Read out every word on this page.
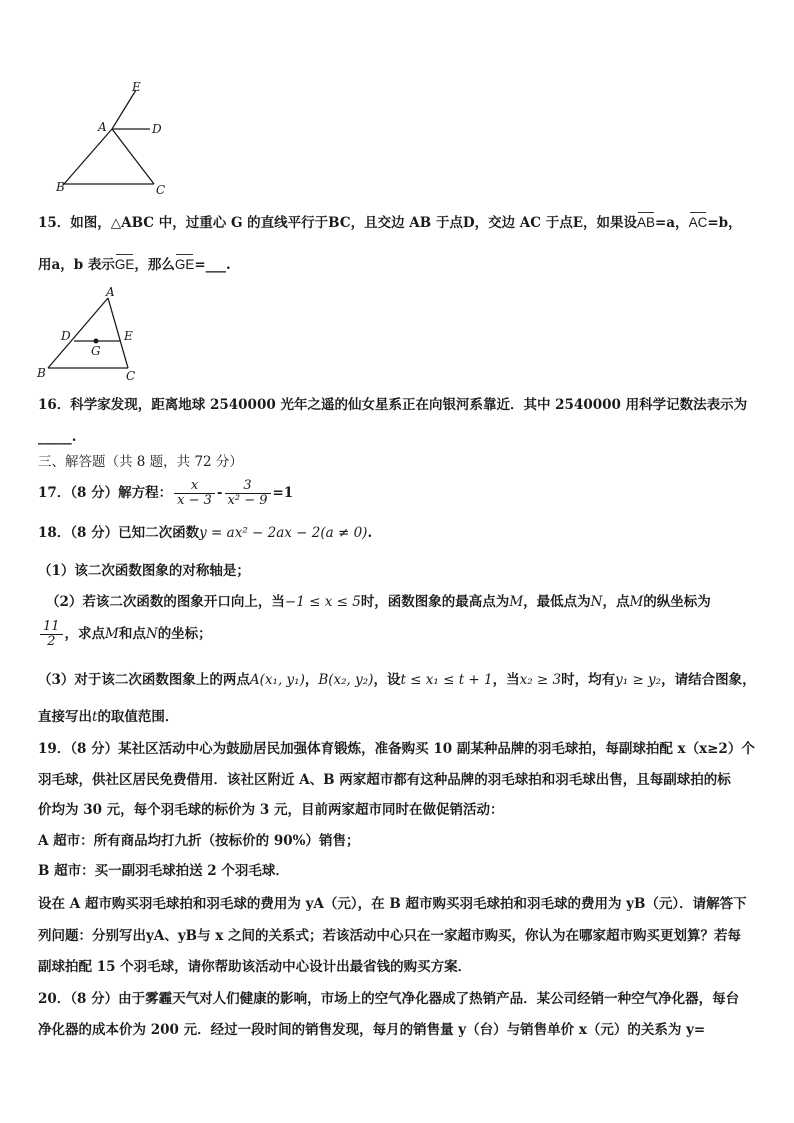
E
A	D
B	C
15．如图，△ABC 中，过重心 G 的直线平行于BC，且交边 AB 于点D，交边 AC 于点E，如果设AB=a，AC=b，
用a，b 表示GE，那么GE=___.
A
D	E
G
B	C
16．科学家发现，距离地球 2540000 光年之遥的仙女星系正在向银河系靠近．其中 2540000 用科学记数法表示为
_____.
三、解答题（共 8 题，共 72 分）
17．（8 分）解方程： $\frac{x}{x - 3} - \frac{3}{\text{x² − 9}} =1$
18．（8 分）已知二次函数y = ax² − 2ax − 2(a ≠ 0).
（1）该二次函数图象的对称轴是；
（2）若该二次函数的图象开口向上，当−1 ≤ x ≤ 5时，函数图象的最高点为M，最低点为N，点M的纵坐标为
$\frac{11}{2}$ ，求点M和点N的坐标；
（3）对于该二次函数图象上的两点A(x₁, y₁)，B(x₂, y₂)，设t ≤ x₁ ≤ t + 1，当x₂ ≥ 3时，均有y₁ ≥ y₂，请结合图象，
直接写出t的取值范围．
19．（8 分）某社区活动中心为鼓励居民加强体育锻炼，准备购买 10 副某种品牌的羽毛球拍，每副球拍配 x（x≥2）个
羽毛球，供社区居民免费借用．该社区附近 A、B 两家超市都有这种品牌的羽毛球拍和羽毛球出售，且每副球拍的标
价均为 30 元，每个羽毛球的标价为 3 元，目前两家超市同时在做促销活动：
A 超市：所有商品均打九折（按标价的 90%）销售；
B 超市：买一副羽毛球拍送 2 个羽毛球．
设在 A 超市购买羽毛球拍和羽毛球的费用为 yA（元），在 B 超市购买羽毛球拍和羽毛球的费用为 yB（元）．请解答下
列问题：分别写出yA、yB与 x 之间的关系式；若该活动中心只在一家超市购买，你认为在哪家超市购买更划算？若每
副球拍配 15 个羽毛球，请你帮助该活动中心设计出最省钱的购买方案．
20．（8 分）由于雾霾天气对人们健康的影响，市场上的空气净化器成了热销产品．某公司经销一种空气净化器，每台
净化器的成本价为 200 元．经过一段时间的销售发现，每月的销售量 y（台）与销售单价 x（元）的关系为 y=
